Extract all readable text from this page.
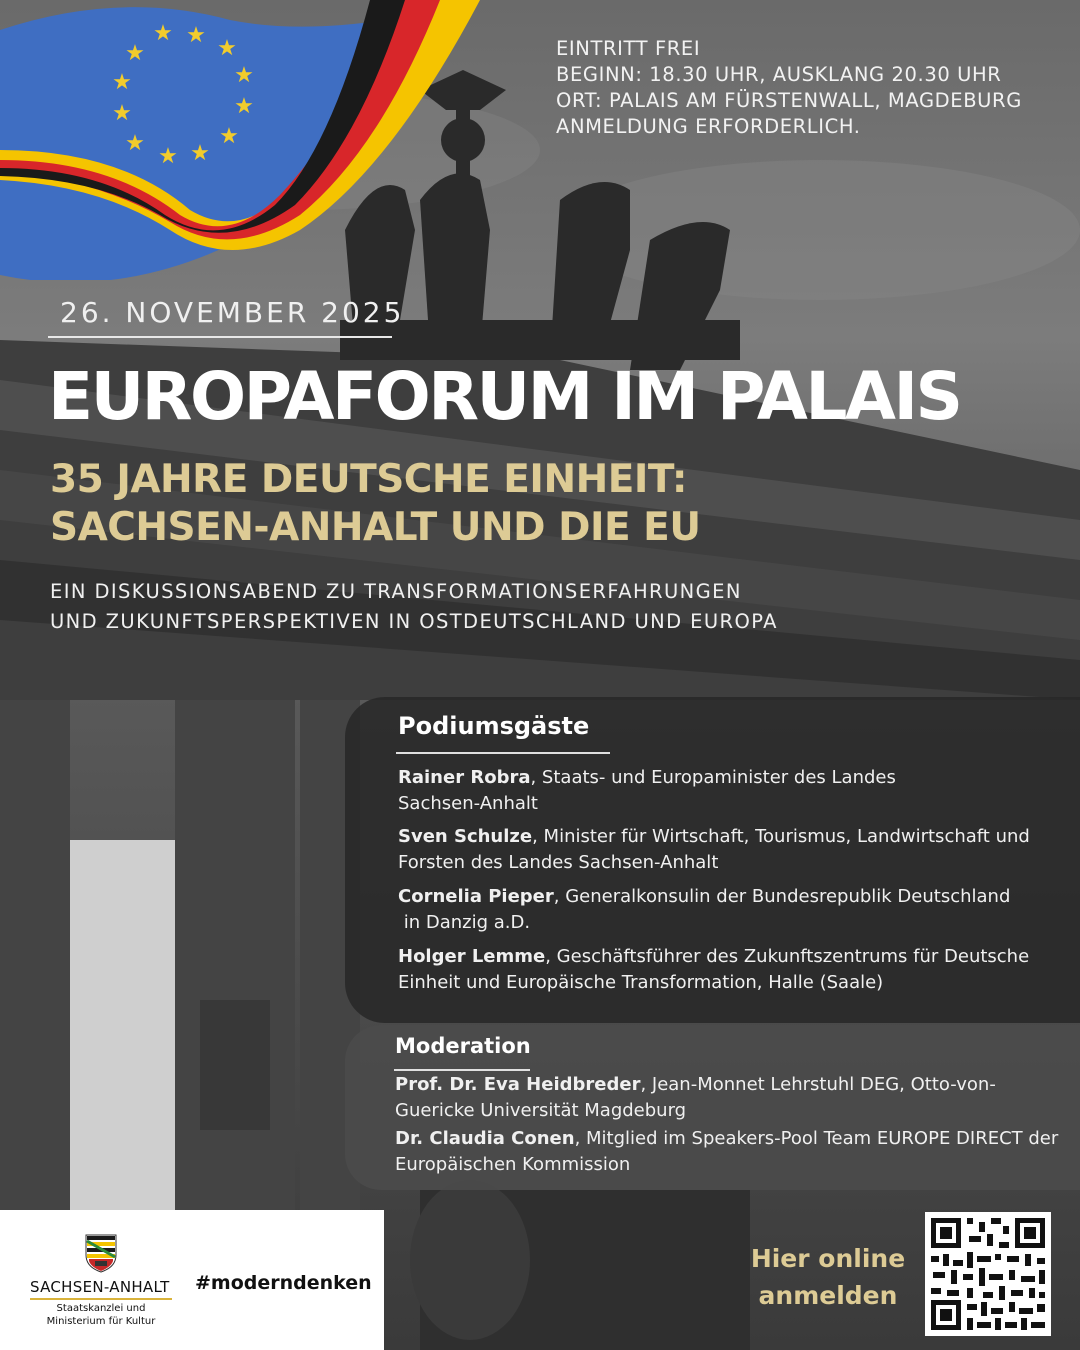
★
★
★
★
★
★
★
★
★
★
★
★
EINTRITT FREI
BEGINN: 18.30 UHR, AUSKLANG 20.30 UHR
ORT: PALAIS AM FÜRSTENWALL, MAGDEBURG
ANMELDUNG ERFORDERLICH.
26. NOVEMBER 2025
EUROPAFORUM IM PALAIS
35 JAHRE DEUTSCHE EINHEIT:
SACHSEN-ANHALT UND DIE EU
EIN DISKUSSIONSABEND ZU TRANSFORMATIONSERFAHRUNGEN
UND ZUKUNFTSPERSPEKTIVEN IN OSTDEUTSCHLAND UND EUROPA
Podiumsgäste
Rainer Robra, Staats- und Europaminister des Landes
Sachsen-Anhalt
Sven Schulze, Minister für Wirtschaft, Tourismus, Landwirtschaft und
Forsten des Landes Sachsen-Anhalt
Cornelia Pieper, Generalkonsulin der Bundesrepublik Deutschland
in Danzig a.D.
Holger Lemme, Geschäftsführer des Zukunftszentrums für Deutsche
Einheit und Europäische Transformation, Halle (Saale)
Moderation
Prof. Dr. Eva Heidbreder, Jean-Monnet Lehrstuhl DEG, Otto-von-
Guericke Universität Magdeburg
Dr. Claudia Conen, Mitglied im Speakers-Pool Team EUROPE DIRECT der
Europäischen Kommission
SACHSEN-ANHALT
Staatskanzlei und Ministerium für Kultur
#moderndenken
Hier online anmelden
